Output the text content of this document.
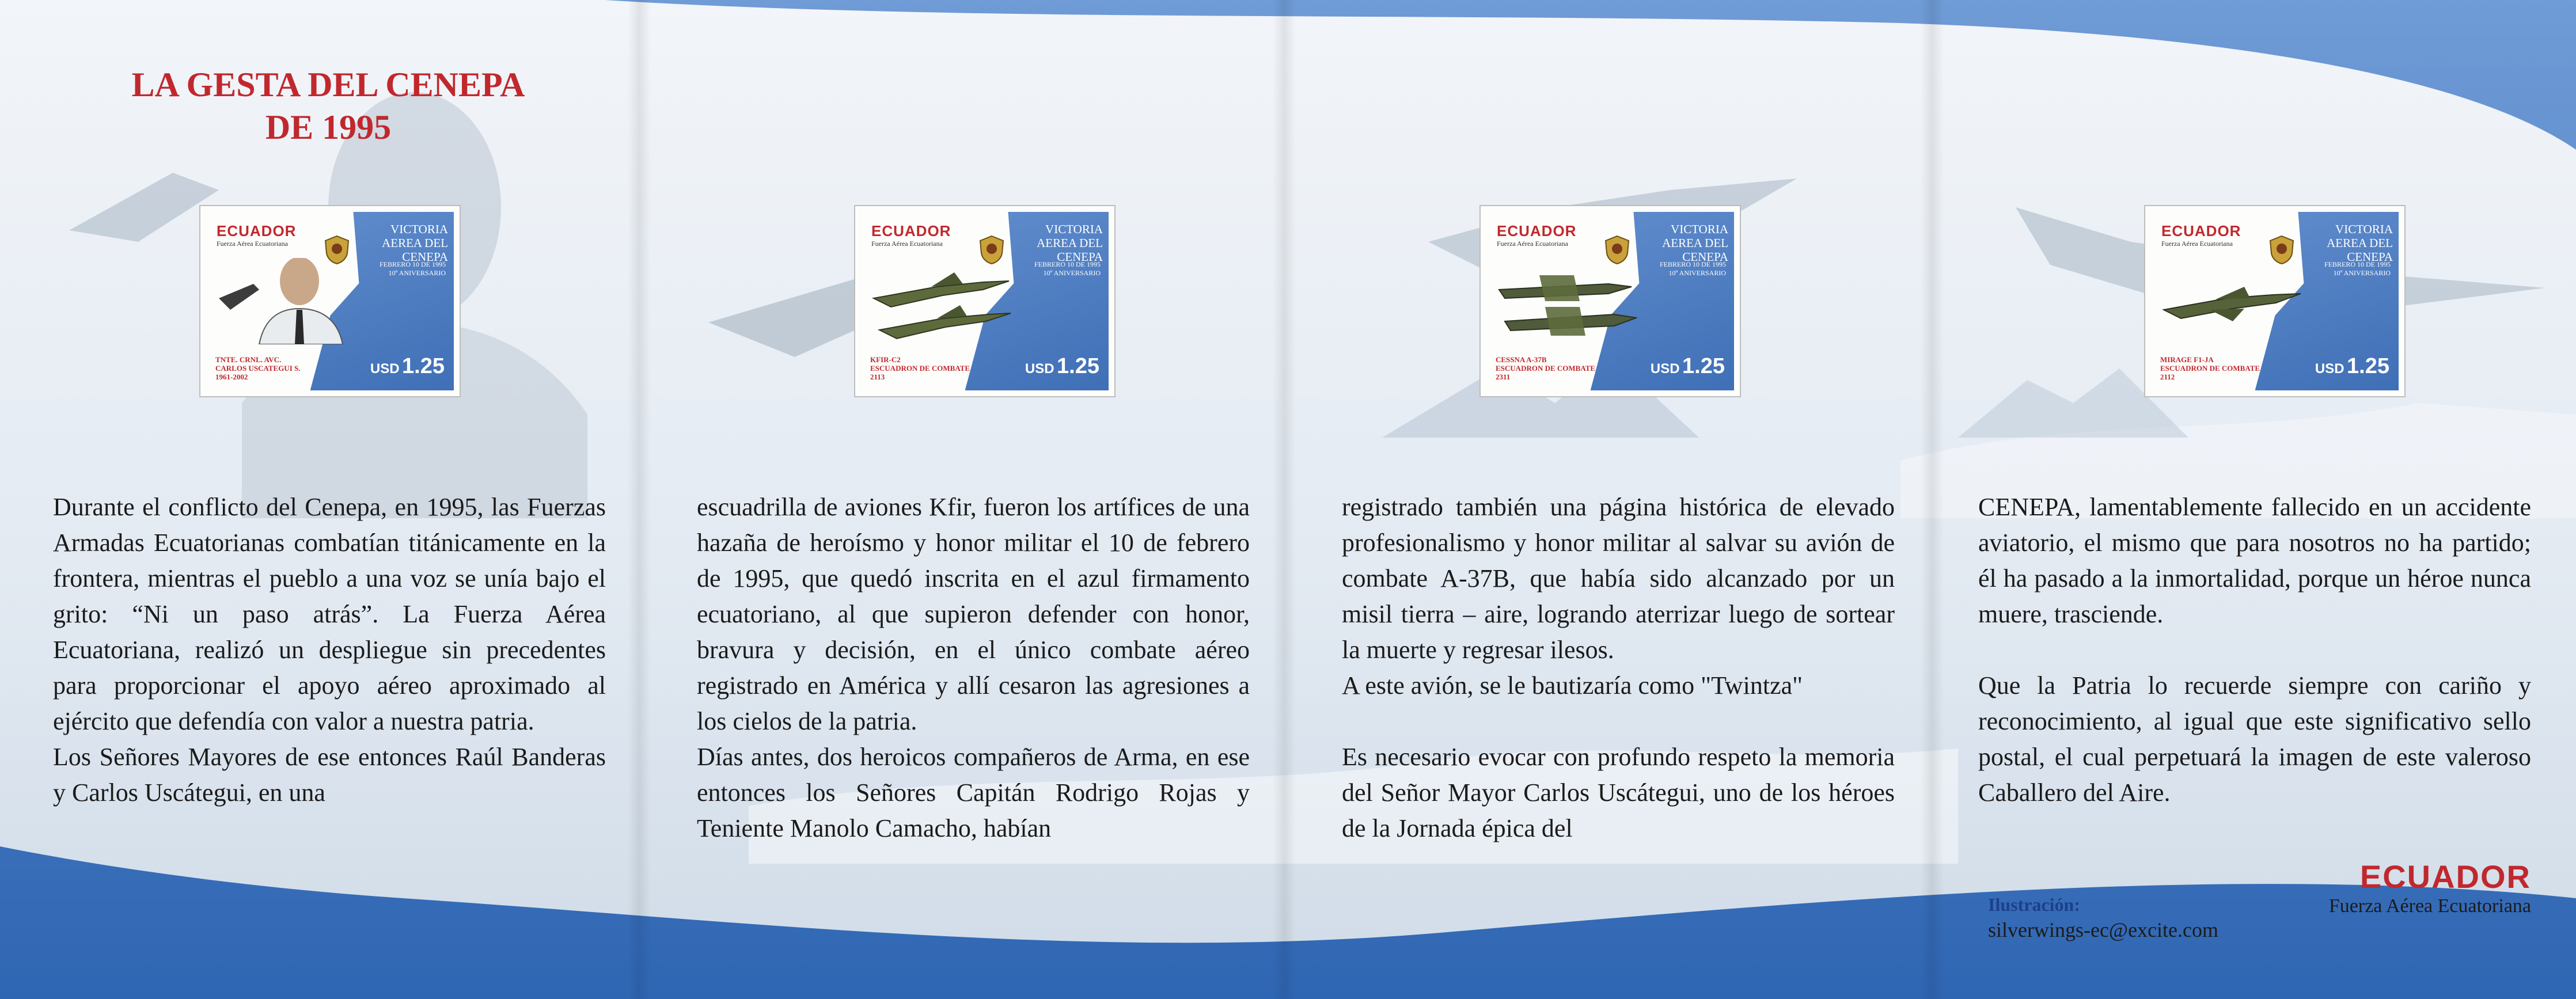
LA GESTA DEL CENEPA
DE 1995
ECUADOR
Fuerza Aérea Ecuatoriana
VICTORIA AEREA DEL CENEPA
FEBRERO 10 DE 1995
10º ANIVERSARIO
TNTE. CRNL. AVC.
CARLOS USCATEGUI S.
1961-2002
USD 1.25
ECUADOR
Fuerza Aérea Ecuatoriana
VICTORIA AEREA DEL CENEPA
FEBRERO 10 DE 1995
10º ANIVERSARIO
KFIR-C2
ESCUADRON DE COMBATE 2113
USD 1.25
ECUADOR
Fuerza Aérea Ecuatoriana
VICTORIA AEREA DEL CENEPA
FEBRERO 10 DE 1995
10º ANIVERSARIO
CESSNA A-37B
ESCUADRON DE COMBATE 2311
USD 1.25
ECUADOR
Fuerza Aérea Ecuatoriana
VICTORIA AEREA DEL CENEPA
FEBRERO 10 DE 1995
10º ANIVERSARIO
MIRAGE F1-JA
ESCUADRON DE COMBATE 2112
USD 1.25

Durante el conflicto del Cenepa, en 1995, las Fuerzas Armadas Ecuatorianas combatían titánicamente en la frontera, mientras el pueblo a una voz se unía bajo el grito: “Ni un paso atrás”. La Fuerza Aérea Ecuatoriana, realizó un despliegue sin precedentes para proporcionar el apoyo aéreo aproximado al ejército que defendía con valor a nuestra patria.

Los Señores Mayores de ese entonces Raúl Banderas y Carlos Uscátegui, en una

escuadrilla de aviones Kfir, fueron los artífices de una hazaña de heroísmo y honor militar el 10 de febrero de 1995, que quedó inscrita en el azul firmamento ecuatoriano, al que supieron defender con honor, bravura y decisión, en el único combate aéreo registrado en América y allí cesaron las agresiones a los cielos de la patria.

Días antes, dos heroicos compañeros de Arma, en ese entonces los Señores Capitán Rodrigo Rojas y Teniente Manolo Camacho, habían

registrado también una página histórica de elevado profesionalismo y honor militar al salvar su avión de combate A-37B, que había sido alcanzado por un misil tierra – aire, logrando aterrizar luego de sortear la muerte y regresar ilesos.

A este avión, se le bautizaría como "Twintza"

Es necesario evocar con profundo respeto la memoria del Señor Mayor Carlos Uscátegui, uno de los héroes de la Jornada épica del

CENEPA, lamentablemente fallecido en un accidente aviatorio, el mismo que para nosotros no ha partido; él ha pasado a la inmortalidad, porque un héroe nunca muere, trasciende.

Que la Patria lo recuerde siempre con cariño y reconocimiento, al igual que este significativo sello postal, el cual perpetuará la imagen de este valeroso Caballero del Aire.

Ilustración:
silverwings-ec@excite.com
ECUADOR
Fuerza Aérea Ecuatoriana
